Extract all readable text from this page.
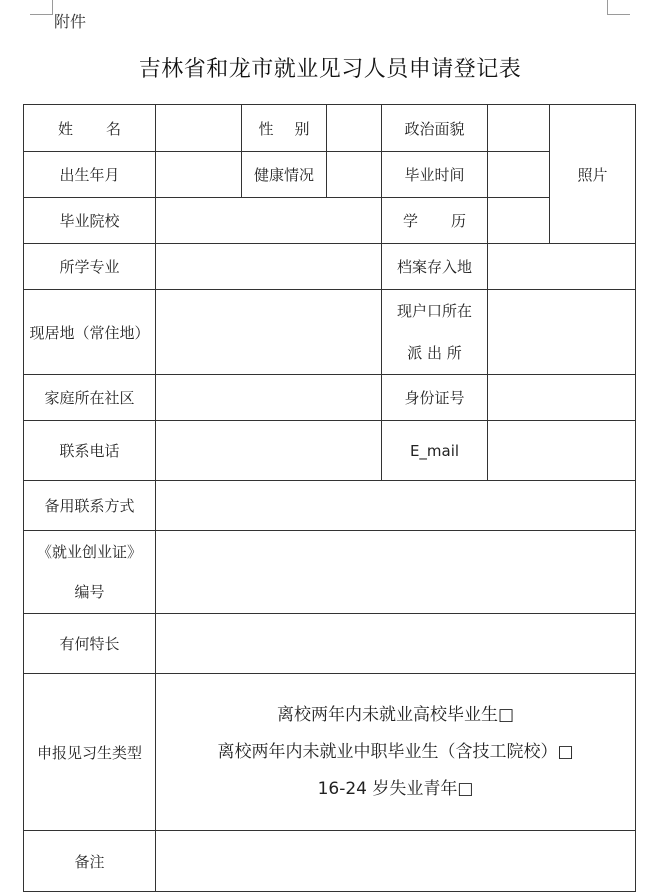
附件
吉林省和龙市就业见习人员申请登记表
姓 名		性 别		政治面貌		照片
出生年月		健康情况		毕业时间		
毕业院校				学 历		
所学专业				档案存入地		
现居地（常住地）				现户口所在
派 出 所		
家庭所在社区				身份证号		
联系电话				E_mail		
备用联系方式						
《就业创业证》
编号						
有何特长						
申报见习生类型	离校两年内未就业高校毕业生□
离校两年内未就业中职毕业生（含技工院校）□
16-24 岁失业青年□					

备注						
